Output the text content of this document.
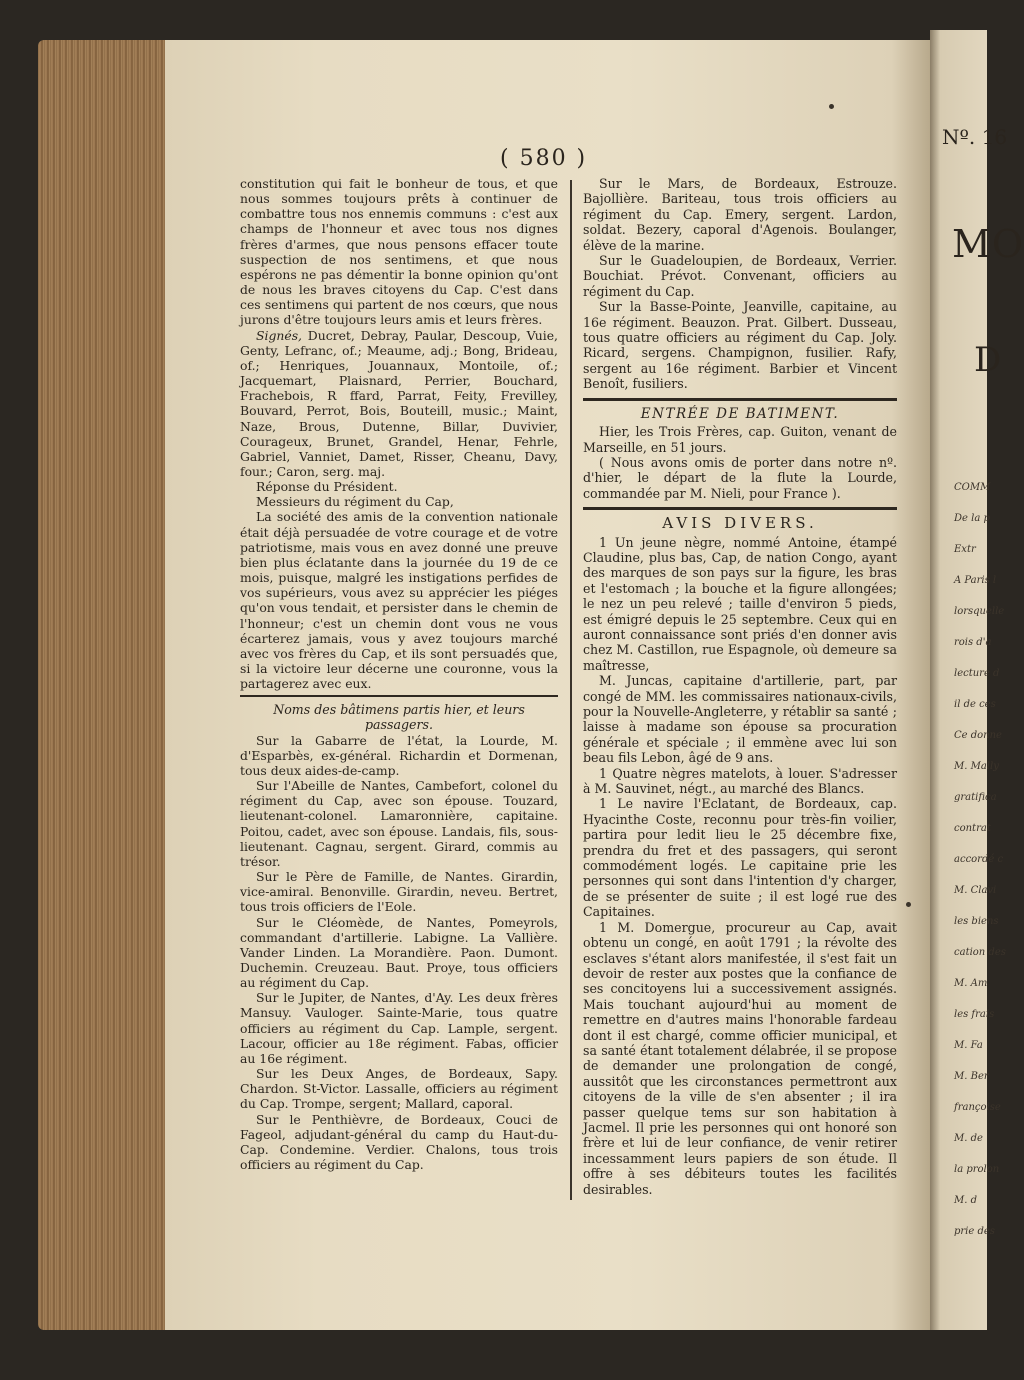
Nº. 16
MO
D
COMM
De la p
Extr
A Paris l
lorsquelle
rois d'a
lecture d
il de ces
Ce donne
M. Mally
gratifica
contrat
accordé c
M. Clavi
les biens
cation des
M. Am
les frais
M. Fa
M. Ber
françoise
M. de
la prolon
M. d
prie des
( 580 )

constitution qui fait le bonheur de tous, et que nous sommes toujours prêts à continuer de combattre tous nos ennemis communs : c'est aux champs de l'honneur et avec tous nos dignes frères d'armes, que nous pensons effacer toute suspection de nos sentimens, et que nous espérons ne pas démentir la bonne opinion qu'ont de nous les braves citoyens du Cap. C'est dans ces sentimens qui partent de nos cœurs, que nous jurons d'être toujours leurs amis et leurs frères.

Signés, Ducret, Debray, Paular, Descoup, Vuie, Genty, Lefranc, of.; Meaume, adj.; Bong, Brideau, of.; Henriques, Jouannaux, Montoile, of.; Jacquemart, Plaisnard, Perrier, Bouchard, Frachebois, R ffard, Parrat, Feity, Frevilley, Bouvard, Perrot, Bois, Bouteill, music.; Maint, Naze, Brous, Dutenne, Billar, Duvivier, Courageux, Brunet, Grandel, Henar, Fehrle, Gabriel, Vanniet, Damet, Risser, Cheanu, Davy, four.; Caron, serg. maj.

Réponse du Président.

Messieurs du régiment du Cap,

La société des amis de la convention nationale était déjà persuadée de votre courage et de votre patriotisme, mais vous en avez donné une preuve bien plus éclatante dans la journée du 19 de ce mois, puisque, malgré les instigations perfides de vos supérieurs, vous avez su apprécier les piéges qu'on vous tendait, et persister dans le chemin de l'honneur; c'est un chemin dont vous ne vous écarterez jamais, vous y avez toujours marché avec vos frères du Cap, et ils sont persuadés que, si la victoire leur décerne une couronne, vous la partagerez avec eux.

Noms des bâtimens partis hier, et leurs passagers.

Sur la Gabarre de l'état, la Lourde, M. d'Esparbès, ex-général. Richardin et Dormenan, tous deux aides-de-camp.

Sur l'Abeille de Nantes, Cambefort, colonel du régiment du Cap, avec son épouse. Touzard, lieutenant-colonel. Lamaronnière, capitaine. Poitou, cadet, avec son épouse. Landais, fils, sous-lieutenant. Cagnau, sergent. Girard, commis au trésor.

Sur le Père de Famille, de Nantes. Girardin, vice-amiral. Benonville. Girardin, neveu. Bertret, tous trois officiers de l'Eole.

Sur le Cléomède, de Nantes, Pomeyrols, commandant d'artillerie. Labigne. La Vallière. Vander Linden. La Morandière. Paon. Dumont. Duchemin. Creuzeau. Baut. Proye, tous officiers au régiment du Cap.

Sur le Jupiter, de Nantes, d'Ay. Les deux frères Mansuy. Vauloger. Sainte-Marie, tous quatre officiers au régiment du Cap. Lample, sergent. Lacour, officier au 18e régiment. Fabas, officier au 16e régiment.

Sur les Deux Anges, de Bordeaux, Sapy. Chardon. St-Victor. Lassalle, officiers au régiment du Cap. Trompe, sergent; Mallard, caporal.

Sur le Penthièvre, de Bordeaux, Couci de Fageol, adjudant-général du camp du Haut-du-Cap. Condemine. Verdier. Chalons, tous trois officiers au régiment du Cap.

Sur le Mars, de Bordeaux, Estrouze. Bajollière. Bariteau, tous trois officiers au régiment du Cap. Emery, sergent. Lardon, soldat. Bezery, caporal d'Agenois. Boulanger, élève de la marine.

Sur le Guadeloupien, de Bordeaux, Verrier. Bouchiat. Prévot. Convenant, officiers au régiment du Cap.

Sur la Basse-Pointe, Jeanville, capitaine, au 16e régiment. Beauzon. Prat. Gilbert. Dusseau, tous quatre officiers au régiment du Cap. Joly. Ricard, sergens. Champignon, fusilier. Rafy, sergent au 16e régiment. Barbier et Vincent Benoît, fusiliers.

ENTRÉE DE BATIMENT.

Hier, les Trois Frères, cap. Guiton, venant de Marseille, en 51 jours.

( Nous avons omis de porter dans notre nº. d'hier, le départ de la flute la Lourde, commandée par M. Nieli, pour France ).

AVIS DIVERS.

1 Un jeune nègre, nommé Antoine, étampé Claudine, plus bas, Cap, de nation Congo, ayant des marques de son pays sur la figure, les bras et l'estomach ; la bouche et la figure allongées; le nez un peu relevé ; taille d'environ 5 pieds, est émigré depuis le 25 septembre. Ceux qui en auront connaissance sont priés d'en donner avis chez M. Castillon, rue Espagnole, où demeure sa maîtresse,

M. Juncas, capitaine d'artillerie, part, par congé de MM. les commissaires nationaux-civils, pour la Nouvelle-Angleterre, y rétablir sa santé ; laisse à madame son épouse sa procuration générale et spéciale ; il emmène avec lui son beau fils Lebon, âgé de 9 ans.

1 Quatre nègres matelots, à louer. S'adresser à M. Sauvinet, négt., au marché des Blancs.

1 Le navire l'Eclatant, de Bordeaux, cap. Hyacinthe Coste, reconnu pour très-fin voilier, partira pour ledit lieu le 25 décembre fixe, prendra du fret et des passagers, qui seront commodément logés. Le capitaine prie les personnes qui sont dans l'intention d'y charger, de se présenter de suite ; il est logé rue des Capitaines.

1 M. Domergue, procureur au Cap, avait obtenu un congé, en août 1791 ; la révolte des esclaves s'étant alors manifestée, il s'est fait un devoir de rester aux postes que la confiance de ses concitoyens lui a successivement assignés. Mais touchant aujourd'hui au moment de remettre en d'autres mains l'honorable fardeau dont il est chargé, comme officier municipal, et sa santé étant totalement délabrée, il se propose de demander une prolongation de congé, aussitôt que les circonstances permettront aux citoyens de la ville de s'en absenter ; il ira passer quelque tems sur son habitation à Jacmel. Il prie les personnes qui ont honoré son frère et lui de leur confiance, de venir retirer incessamment leurs papiers de son étude. Il offre à ses débiteurs toutes les facilités desirables.
